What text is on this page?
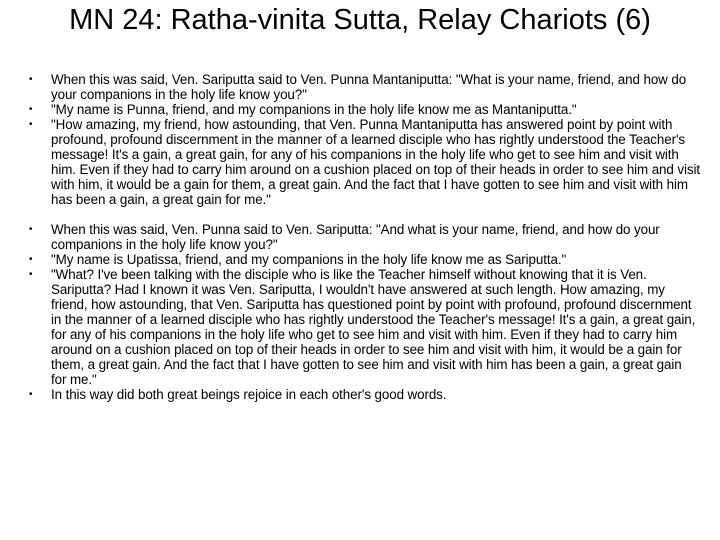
MN 24: Ratha-vinita Sutta, Relay Chariots (6)
• When this was said, Ven. Sariputta said to Ven. Punna Mantaniputta: "What is your name, friend, and how do your companions in the holy life know you?"
• "My name is Punna, friend, and my companions in the holy life know me as Mantaniputta."
• "How amazing, my friend, how astounding, that Ven. Punna Mantaniputta has answered point by point with profound, profound discernment in the manner of a learned disciple who has rightly understood the Teacher's message! It's a gain, a great gain, for any of his companions in the holy life who get to see him and visit with him. Even if they had to carry him around on a cushion placed on top of their heads in order to see him and visit with him, it would be a gain for them, a great gain. And the fact that I have gotten to see him and visit with him has been a gain, a great gain for me."
• When this was said, Ven. Punna said to Ven. Sariputta: "And what is your name, friend, and how do your companions in the holy life know you?"
• "My name is Upatissa, friend, and my companions in the holy life know me as Sariputta."
• "What? I've been talking with the disciple who is like the Teacher himself without knowing that it is Ven. Sariputta? Had I known it was Ven. Sariputta, I wouldn't have answered at such length. How amazing, my friend, how astounding, that Ven. Sariputta has questioned point by point with profound, profound discernment in the manner of a learned disciple who has rightly understood the Teacher's message! It's a gain, a great gain, for any of his companions in the holy life who get to see him and visit with him. Even if they had to carry him around on a cushion placed on top of their heads in order to see him and visit with him, it would be a gain for them, a great gain. And the fact that I have gotten to see him and visit with him has been a gain, a great gain for me."
• In this way did both great beings rejoice in each other's good words.
